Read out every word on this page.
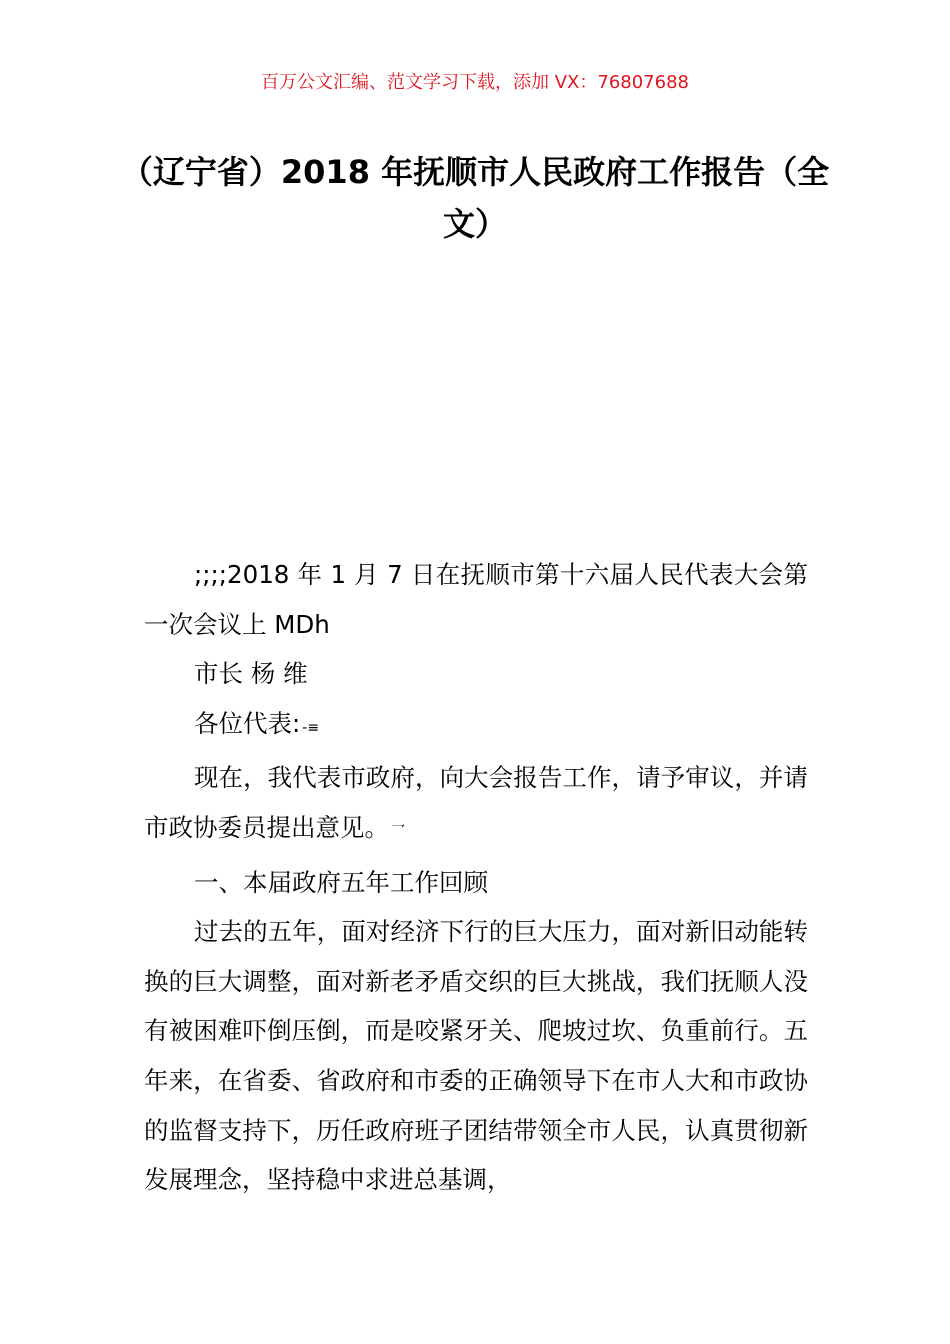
百万公文汇编、范文学习下载，添加 VX：76807688
（辽宁省）2018 年抚顺市人民政府工作报告（全文）

;;;;2018 年 1 月 7 日在抚顺市第十六届人民代表大会第一次会议上 MDh

市长 杨 维

各位代表: -≡

现在，我代表市政府，向大会报告工作，请予审议，并请市政协委员提出意见。 乛

一、本届政府五年工作回顾

过去的五年，面对经济下行的巨大压力，面对新旧动能转换的巨大调整，面对新老矛盾交织的巨大挑战，我们抚顺人没有被困难吓倒压倒，而是咬紧牙关、爬坡过坎、负重前行。五年来，在省委、省政府和市委的正确领导下在市人大和市政协的监督支持下，历任政府班子团结带领全市人民，认真贯彻新发展理念，坚持稳中求进总基调，
